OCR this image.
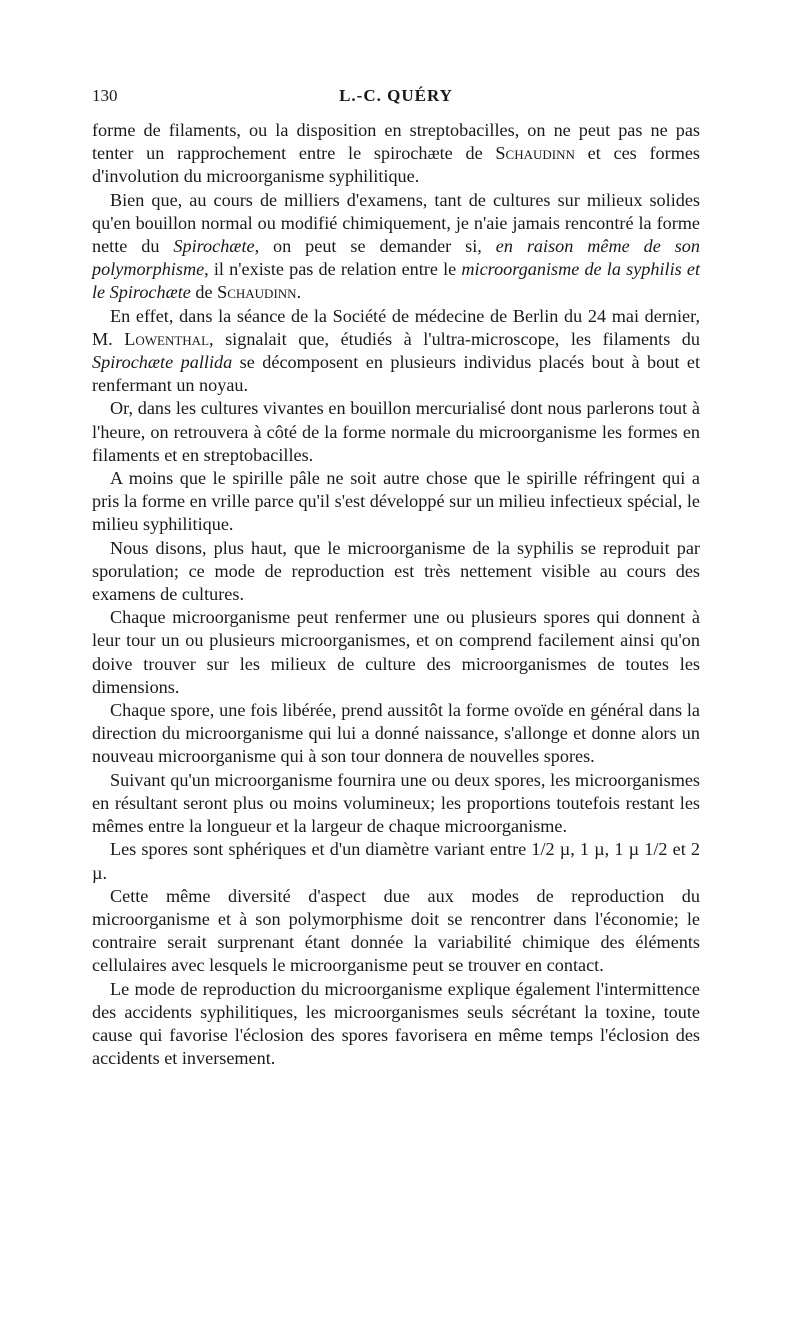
130	L.-C. QUÉRY

forme de filaments, ou la disposition en streptobacilles, on ne peut pas ne pas tenter un rapprochement entre le spirochæte de Schaudinn et ces formes d'involution du microorganisme syphilitique.

Bien que, au cours de milliers d'examens, tant de cultures sur milieux solides qu'en bouillon normal ou modifié chimiquement, je n'aie jamais rencontré la forme nette du Spirochæte, on peut se demander si, en raison même de son polymorphisme, il n'existe pas de relation entre le microorganisme de la syphilis et le Spirochæte de Schaudinn.

En effet, dans la séance de la Société de médecine de Berlin du 24 mai dernier, M. Lowenthal, signalait que, étudiés à l'ultra-microscope, les filaments du Spirochæte pallida se décomposent en plusieurs individus placés bout à bout et renfermant un noyau.

Or, dans les cultures vivantes en bouillon mercurialisé dont nous parlerons tout à l'heure, on retrouvera à côté de la forme normale du microorganisme les formes en filaments et en streptobacilles.

A moins que le spirille pâle ne soit autre chose que le spirille réfringent qui a pris la forme en vrille parce qu'il s'est développé sur un milieu infectieux spécial, le milieu syphilitique.

Nous disons, plus haut, que le microorganisme de la syphilis se reproduit par sporulation; ce mode de reproduction est très nettement visible au cours des examens de cultures.

Chaque microorganisme peut renfermer une ou plusieurs spores qui donnent à leur tour un ou plusieurs microorganismes, et on comprend facilement ainsi qu'on doive trouver sur les milieux de culture des microorganismes de toutes les dimensions.

Chaque spore, une fois libérée, prend aussitôt la forme ovoïde en général dans la direction du microorganisme qui lui a donné naissance, s'allonge et donne alors un nouveau microorganisme qui à son tour donnera de nouvelles spores.

Suivant qu'un microorganisme fournira une ou deux spores, les microorganismes en résultant seront plus ou moins volumineux; les proportions toutefois restant les mêmes entre la longueur et la largeur de chaque microorganisme.

Les spores sont sphériques et d'un diamètre variant entre 1/2 µ, 1 µ, 1 µ 1/2 et 2 µ.

Cette même diversité d'aspect due aux modes de reproduction du microorganisme et à son polymorphisme doit se rencontrer dans l'économie; le contraire serait surprenant étant donnée la variabilité chimique des éléments cellulaires avec lesquels le microorganisme peut se trouver en contact.

Le mode de reproduction du microorganisme explique également l'intermittence des accidents syphilitiques, les microorganismes seuls sécrétant la toxine, toute cause qui favorise l'éclosion des spores favorisera en même temps l'éclosion des accidents et inversement.
